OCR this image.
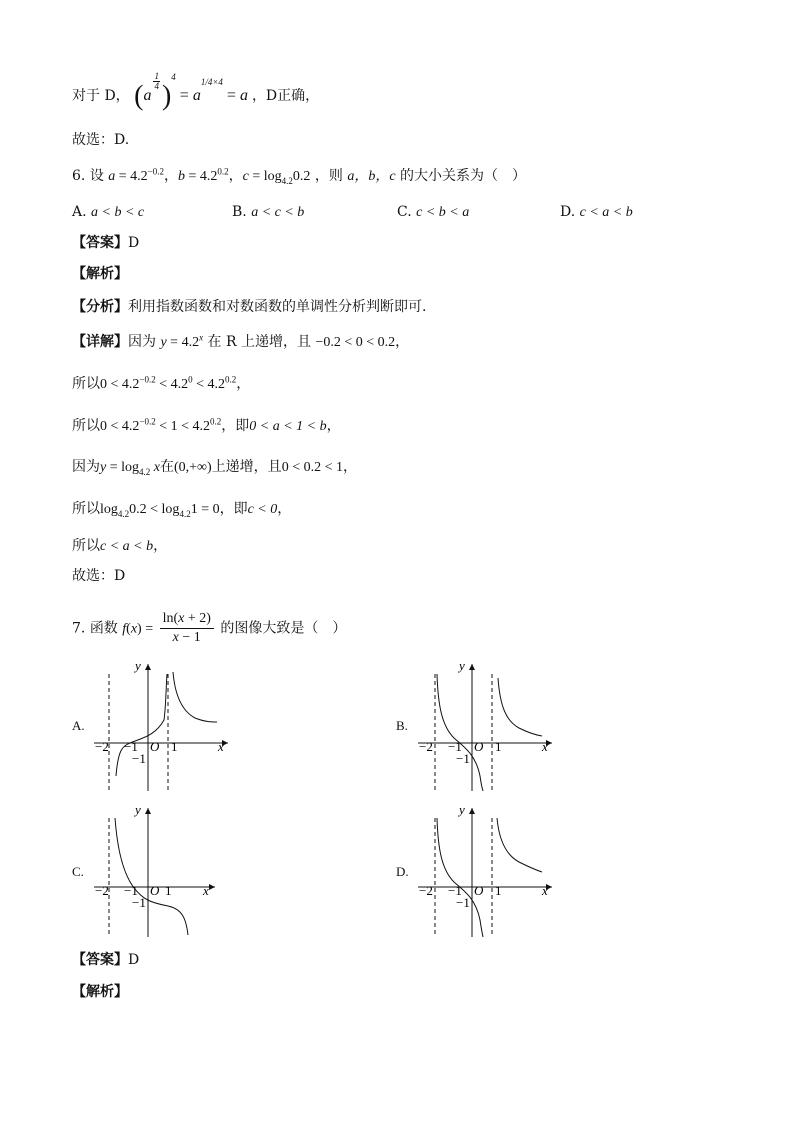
对于 D， (a
$^{\frac{1}{4}}$ )$^4 = a^{1/4\times 4} = a$ ，D正确，
故选：D.
6. 设 $a = 4.2^{-0.2}$，$b = 4.2^{0.2}$，$c = \log_{4.2}0.2$ ，则 a，b，c 的大小关系为（　）
A. a < b < c	B. a < c < b	C. c < b < a	D. c < a < b
【答案】D
【解析】
【分析】利用指数函数和对数函数的单调性分析判断即可.
【详解】因为 $y = 4.2^x$ 在 R 上递增，且 −0.2 < 0 < 0.2，
所以$0 < 4.2^{-0.2} < 4.2^0 < 4.2^{0.2}$，
所以$0 < 4.2^{-0.2} < 1 < 4.2^{0.2}$，即0 < a < 1 < b，
因为$y = \log_{4.2} x$在(0,+∞)上递增，且0 < 0.2 < 1，
所以$\log_{4.2}0.2 < \log_{4.2}1 = 0$，即c < 0，
所以c < a < b，
故选：D
7. 函数 $f(x) = \frac{\ln(x + 2)}{x - 1}$ 的图像大致是（　）
A.	B.
C.	D.
y
x
−2 −1 O 1
−1
y
x
−2 −1 O 1
−1
y
x
−2 −1 O 1
−1
y
x
−2 −1 O 1
−1
【答案】D
【解析】
